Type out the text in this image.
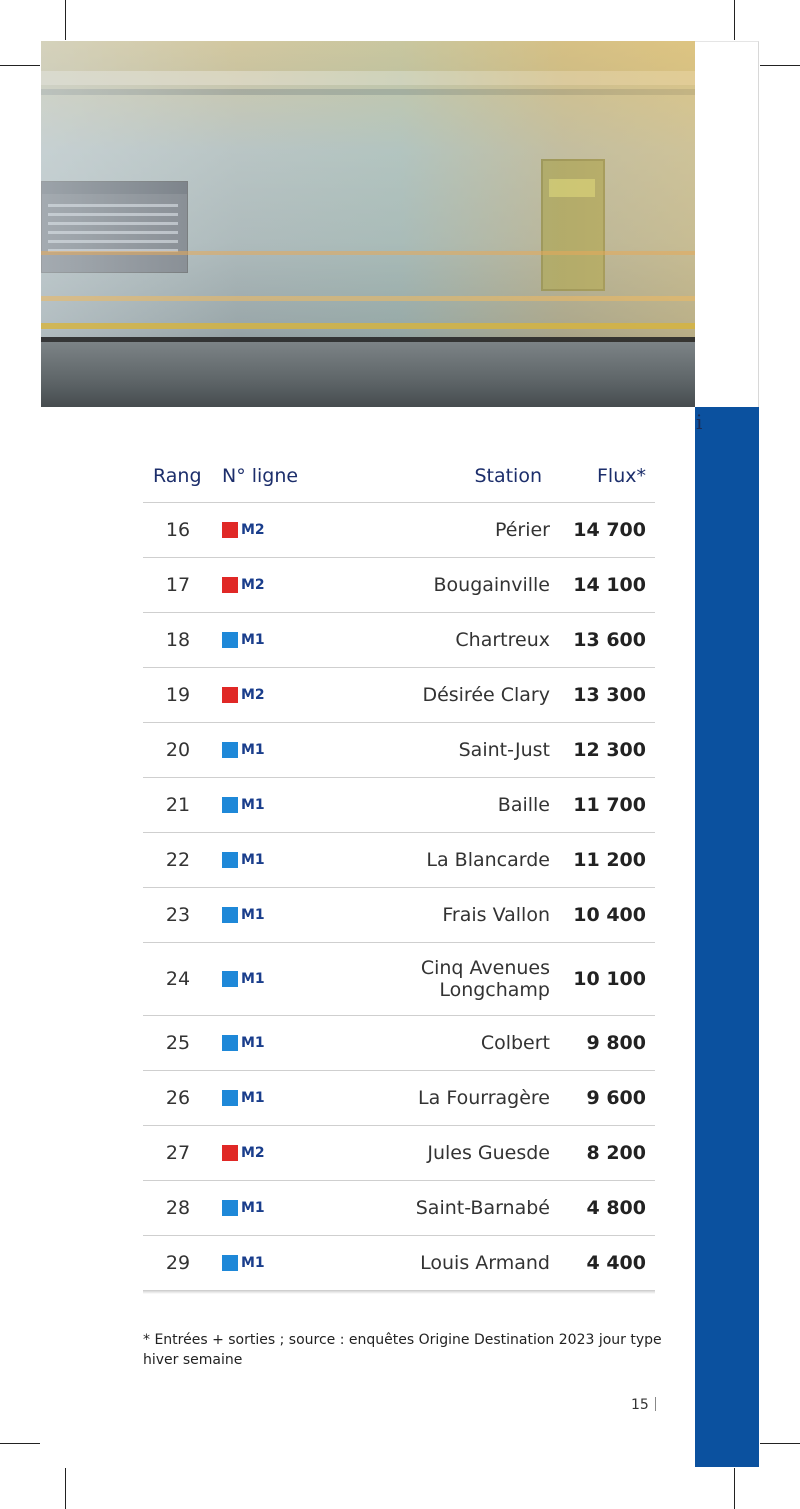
i
Rang N° ligne	Station	Flux*
16	M2	Périer 14 700
17	M2	Bougainville 14 100
18	M1	Chartreux 13 600
19	M2	Désirée Clary 13 300
20	M1	Saint-Just 12 300
21	M1	Baille 11 700
22	M1	La Blancarde 11 200
23	M1	Frais Vallon 10 400
24	M1	Cinq Avenues
Longchamp 10 100
25	M1	Colbert 9 800
26	M1	La Fourragère 9 600
27	M2	Jules Guesde 8 200
28	M1	Saint-Barnabé 4 800
29	M1	Louis Armand 4 400
* Entrées + sorties ; source : enquêtes Origine Destination 2023 jour type hiver semaine
15
